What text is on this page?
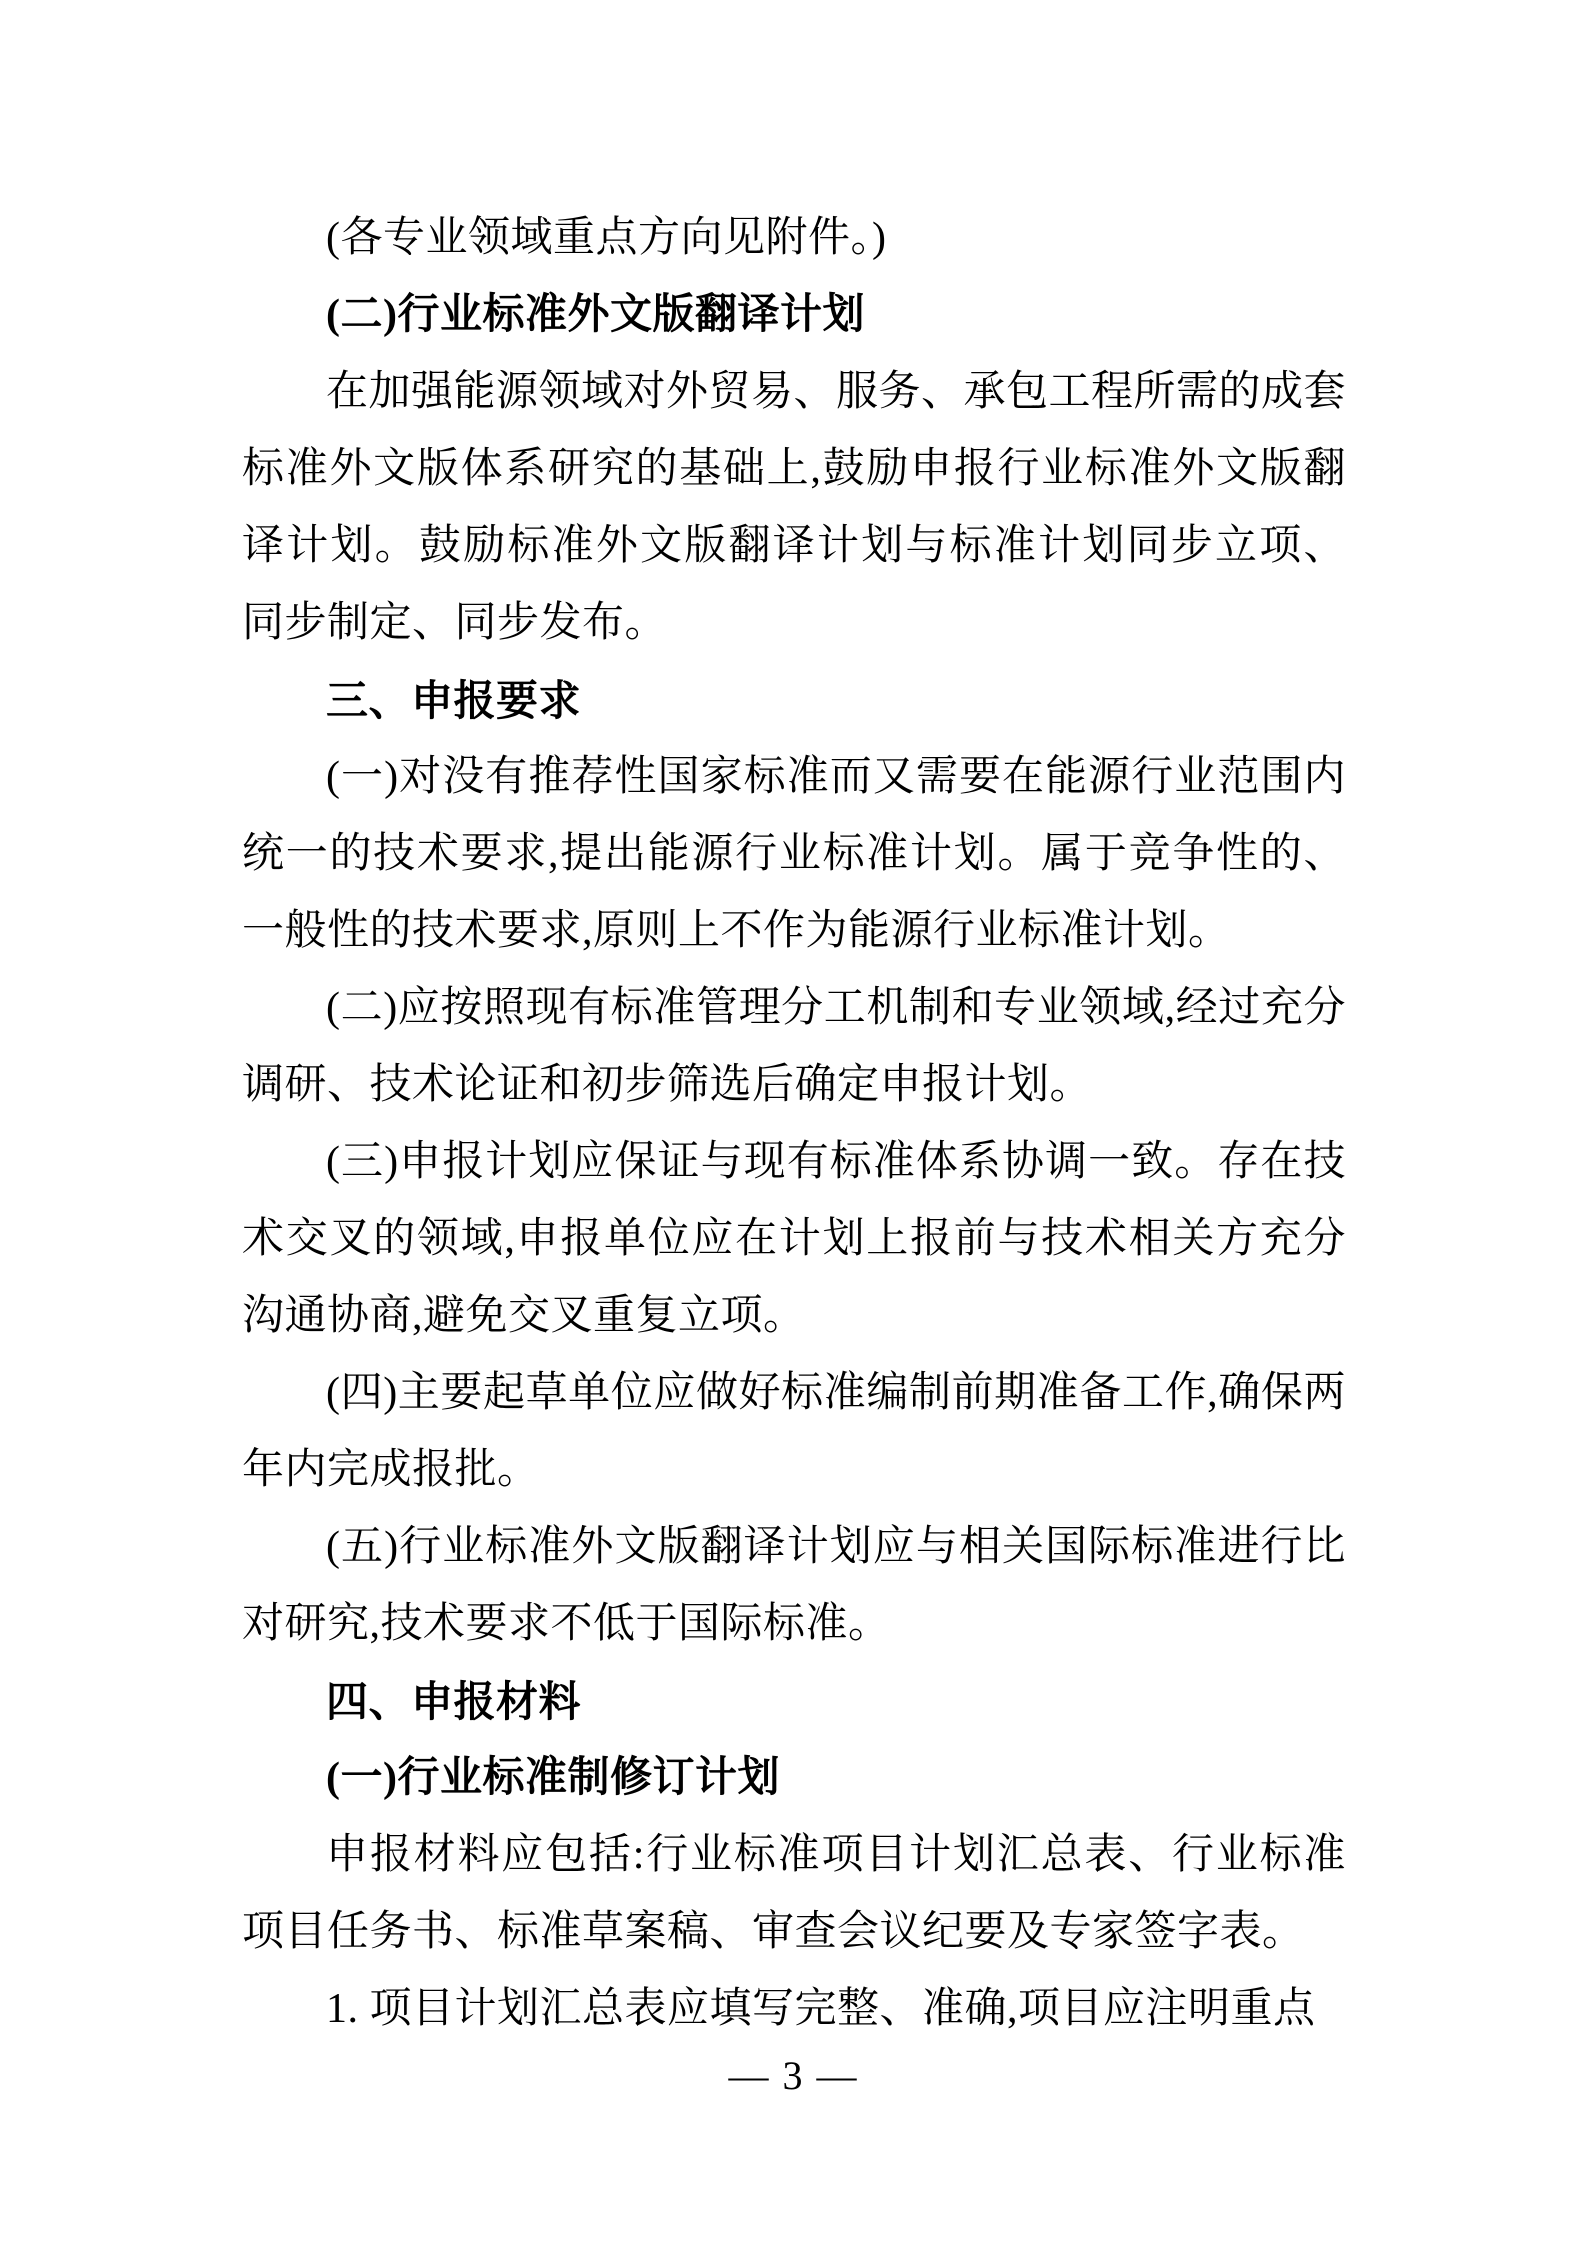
(各专业领域重点方向见附件。)
(二)行业标准外文版翻译计划
在加强能源领域对外贸易、服务、承包工程所需的成套标准外文版体系研究的基础上,鼓励申报行业标准外文版翻译计划。鼓励标准外文版翻译计划与标准计划同步立项、同步制定、同步发布。
三、申报要求
(一)对没有推荐性国家标准而又需要在能源行业范围内统一的技术要求,提出能源行业标准计划。属于竞争性的、一般性的技术要求,原则上不作为能源行业标准计划。
(二)应按照现有标准管理分工机制和专业领域,经过充分调研、技术论证和初步筛选后确定申报计划。
(三)申报计划应保证与现有标准体系协调一致。存在技术交叉的领域,申报单位应在计划上报前与技术相关方充分沟通协商,避免交叉重复立项。
(四)主要起草单位应做好标准编制前期准备工作,确保两年内完成报批。
(五)行业标准外文版翻译计划应与相关国际标准进行比对研究,技术要求不低于国际标准。
四、申报材料
(一)行业标准制修订计划
申报材料应包括:行业标准项目计划汇总表、行业标准项目任务书、标准草案稿、审查会议纪要及专家签字表。
1. 项目计划汇总表应填写完整、准确,项目应注明重点
— 3 —
